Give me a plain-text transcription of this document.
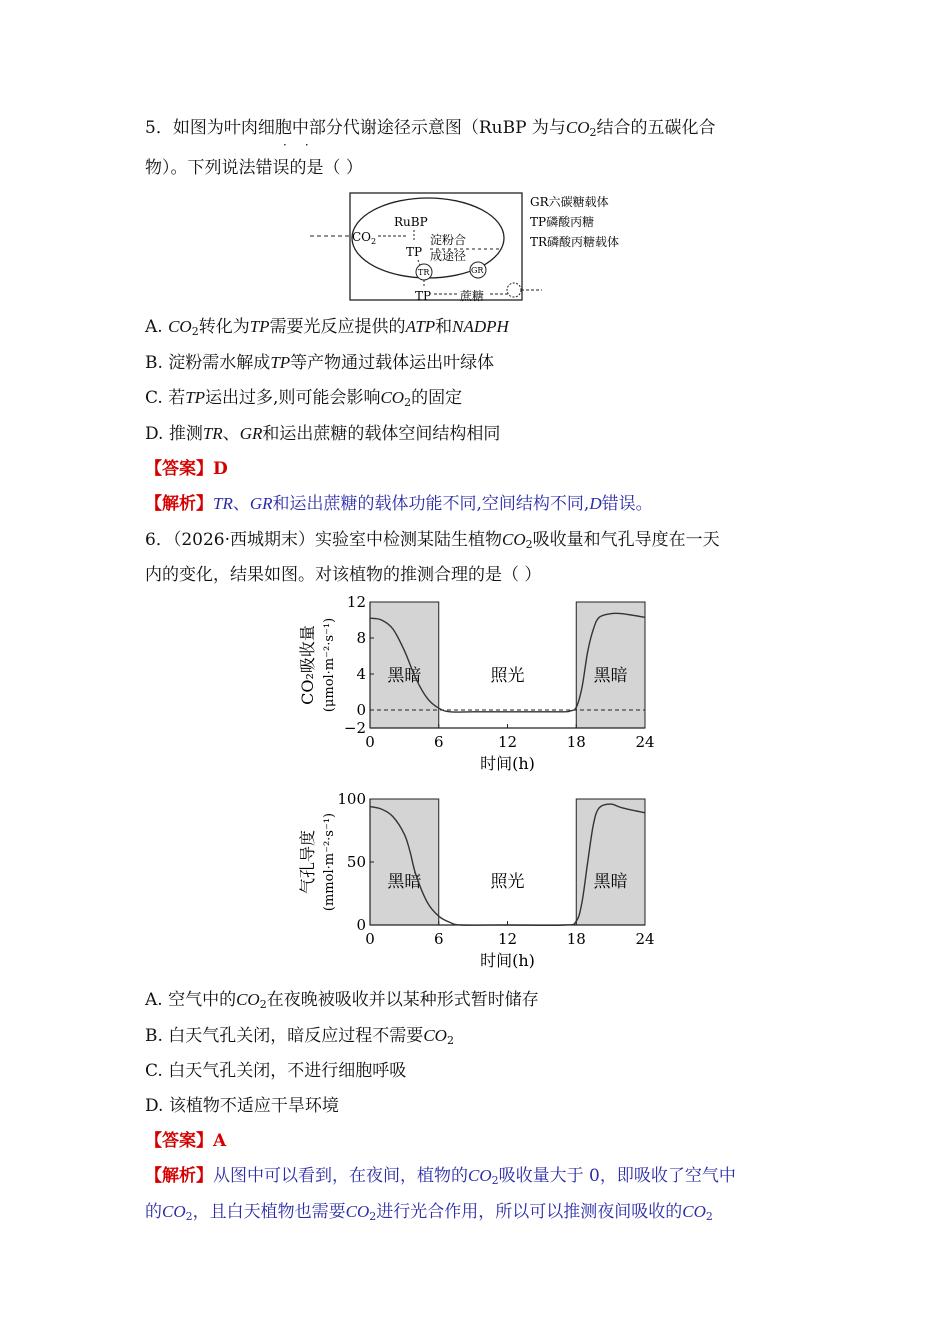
5．如图为叶肉细胞中部分代谢途径示意图（RuBP 为与$CO_2$结合的五碳化合
··
物）。下列说法错误的是（ ）
$CO_2$
RuBP
TP
淀粉合
成途径
TR	GR
TP 蔗糖
GR六碳糖载体
TP磷酸丙糖
TR磷酸丙糖载体
A. $CO_2$转化为TP需要光反应提供的ATP和NADPH
B. 淀粉需水解成TP等产物通过载体运出叶绿体
C. 若TP运出过多,则可能会影响$CO_2$的固定
D. 推测TR、GR和运出蔗糖的载体空间结构相同
【答案】D
【解析】TR、GR和运出蔗糖的载体功能不同,空间结构不同,D错误。
6．（2026·西城期末）实验室中检测某陆生植物$CO_2$吸收量和气孔导度在一天
内的变化，结果如图。对该植物的推测合理的是（ ）
12
8
4
0
−2
0	6	12	18	24
时间(h)
黑暗	照光	黑暗
CO₂吸收量 (μmol·m⁻²·s⁻¹)
100
50
0
0	6	12	18	24
时间(h)
黑暗	照光	黑暗
气孔导度 (mmol·m⁻²·s⁻¹)
A. 空气中的$CO_2$在夜晚被吸收并以某种形式暂时储存
B. 白天气孔关闭，暗反应过程不需要$CO_2$
C. 白天气孔关闭，不进行细胞呼吸
D. 该植物不适应干旱环境
【答案】A
【解析】从图中可以看到，在夜间，植物的$CO_2$吸收量大于 0，即吸收了空气中
的$CO_2$，且白天植物也需要$CO_2$进行光合作用，所以可以推测夜间吸收的$CO_2$
